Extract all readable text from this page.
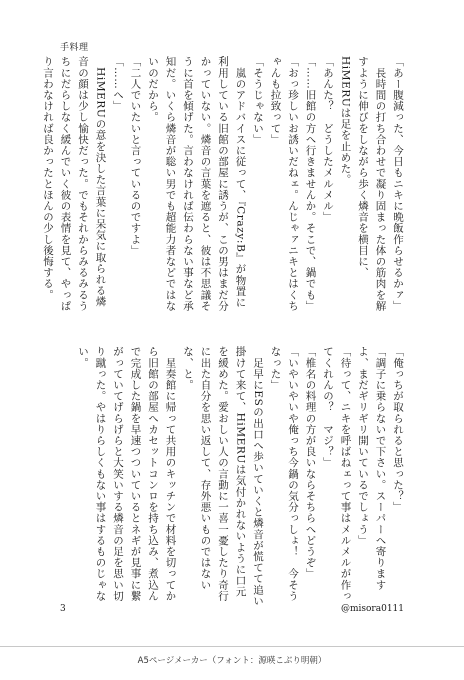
手料理

「あー腹減った、今日もニキに晩飯作らせるかァ」

　長時間の打ち合わせで凝り固まった体の筋肉を解すように伸びをしながら歩く燐音を横目に、HiMERUは足を止めた。

「あんた？　どうしたメルメル」

「……旧館の方へ行きませんか。そこで、鍋でも」

「おっ珍しいお誘いだねェ。んじゃァニキとはくちゃんも拉致って」

「そうじゃない」

　嵐のアドバイスに従って、『Crazy:B』が物置に利用している旧館の部屋に誘うが、この男はまだ分かっていない。燐音の言葉を遮ると、彼は不思議そうに首を傾げた。言わなければ伝わらない事など承知だ。いくら燐音が聡い男でも超能力者などではないのだから。

「二人でいたいと言っているのですよ」

「……へ」

　HiMERUの意を決した言葉に呆気に取られる燐音の顔は少し愉快だった。でもそれからみるみるうちにだらしなく緩んでいく彼の表情を見て、やっぱり言わなければ良かったとほんの少し後悔する。

「俺っちが取られると思った？」

「調子に乗らないで下さい。スーパーへ寄りますよ、まだギリギリ開いているでしょう」

「待って、ニキを呼ばねェって事はメルメルが作ってくれんの？　マジ？」

「椎名の料理の方が良いならそちらへどうぞ」

「いやいやいや俺っち今鍋の気分っしょ！　今そうなった」

　足早にESの出口へ歩いていくと燐音が慌てて追い掛けて来て、HiMERUは気付かれないように口元を緩めた。愛おしい人の言動に一喜一憂したり奇行に出た自分を思い返して、存外悪いものではないな、と。

　星奏館に帰って共用のキッチンで材料を切ってから旧館の部屋へカセットコンロを持ち込み、煮込んで完成した鍋を早速つついているとネギが見事に繋がっていてげらげらと大笑いする燐音の足を思い切り蹴った。やはりらしくもない事はするものじゃない。

3	@misora0111
A5ページメーカー（フォント：源暎こぶり明朝）
